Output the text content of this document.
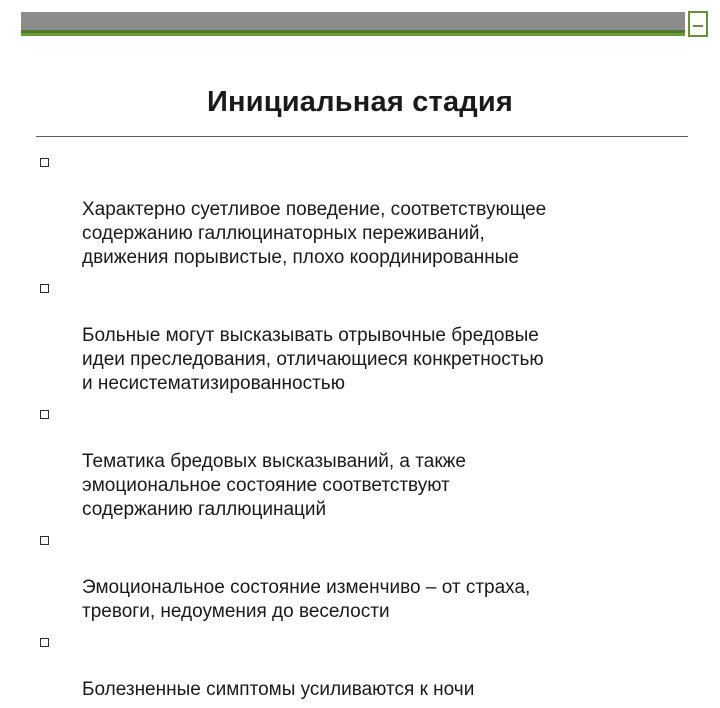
Инициальная стадия

Характерно суетливое поведение, соответствующее
содержанию галлюцинаторных переживаний,
движения порывистые, плохо координированные

Больные могут высказывать отрывочные бредовые
идеи преследования, отличающиеся конкретностью
и несистематизированностью

Тематика бредовых высказываний, а также
эмоциональное состояние соответствуют
содержанию галлюцинаций

Эмоциональное состояние изменчиво – от страха,
тревоги, недоумения до веселости

Болезненные симптомы усиливаются к ночи
